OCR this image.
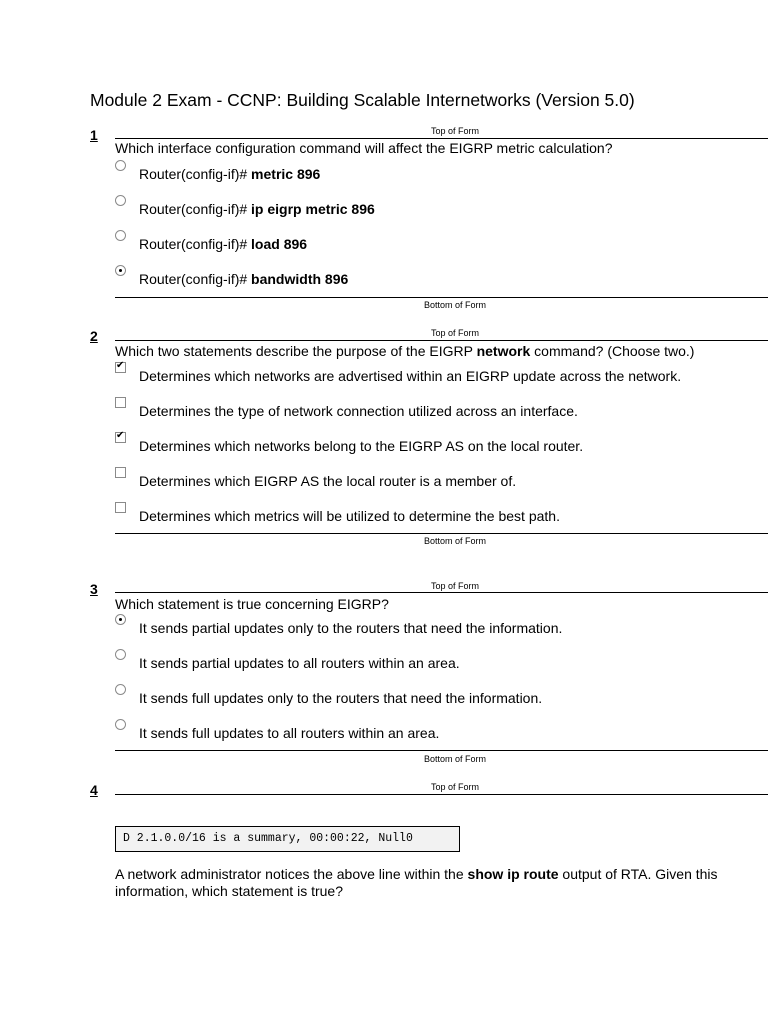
Module 2 Exam - CCNP: Building Scalable Internetworks (Version 5.0)
1	Top of Form
Which interface configuration command will affect the EIGRP metric calculation?
Router(config-if)# metric 896
Router(config-if)# ip eigrp metric 896
Router(config-if)# load 896
Router(config-if)# bandwidth 896
Bottom of Form
2	Top of Form
Which two statements describe the purpose of the EIGRP network command? (Choose two.)
✔
Determines which networks are advertised within an EIGRP update across the network.
Determines the type of network connection utilized across an interface.
✔
Determines which networks belong to the EIGRP AS on the local router.
Determines which EIGRP AS the local router is a member of.
Determines which metrics will be utilized to determine the best path.
Bottom of Form
3	Top of Form
Which statement is true concerning EIGRP?
It sends partial updates only to the routers that need the information.
It sends partial updates to all routers within an area.
It sends full updates only to the routers that need the information.
It sends full updates to all routers within an area.
Bottom of Form
4	Top of Form
D 2.1.0.0/16 is a summary, 00:00:22, Null0
A network administrator notices the above line within the show ip route output of RTA. Given this information, which statement is true?
